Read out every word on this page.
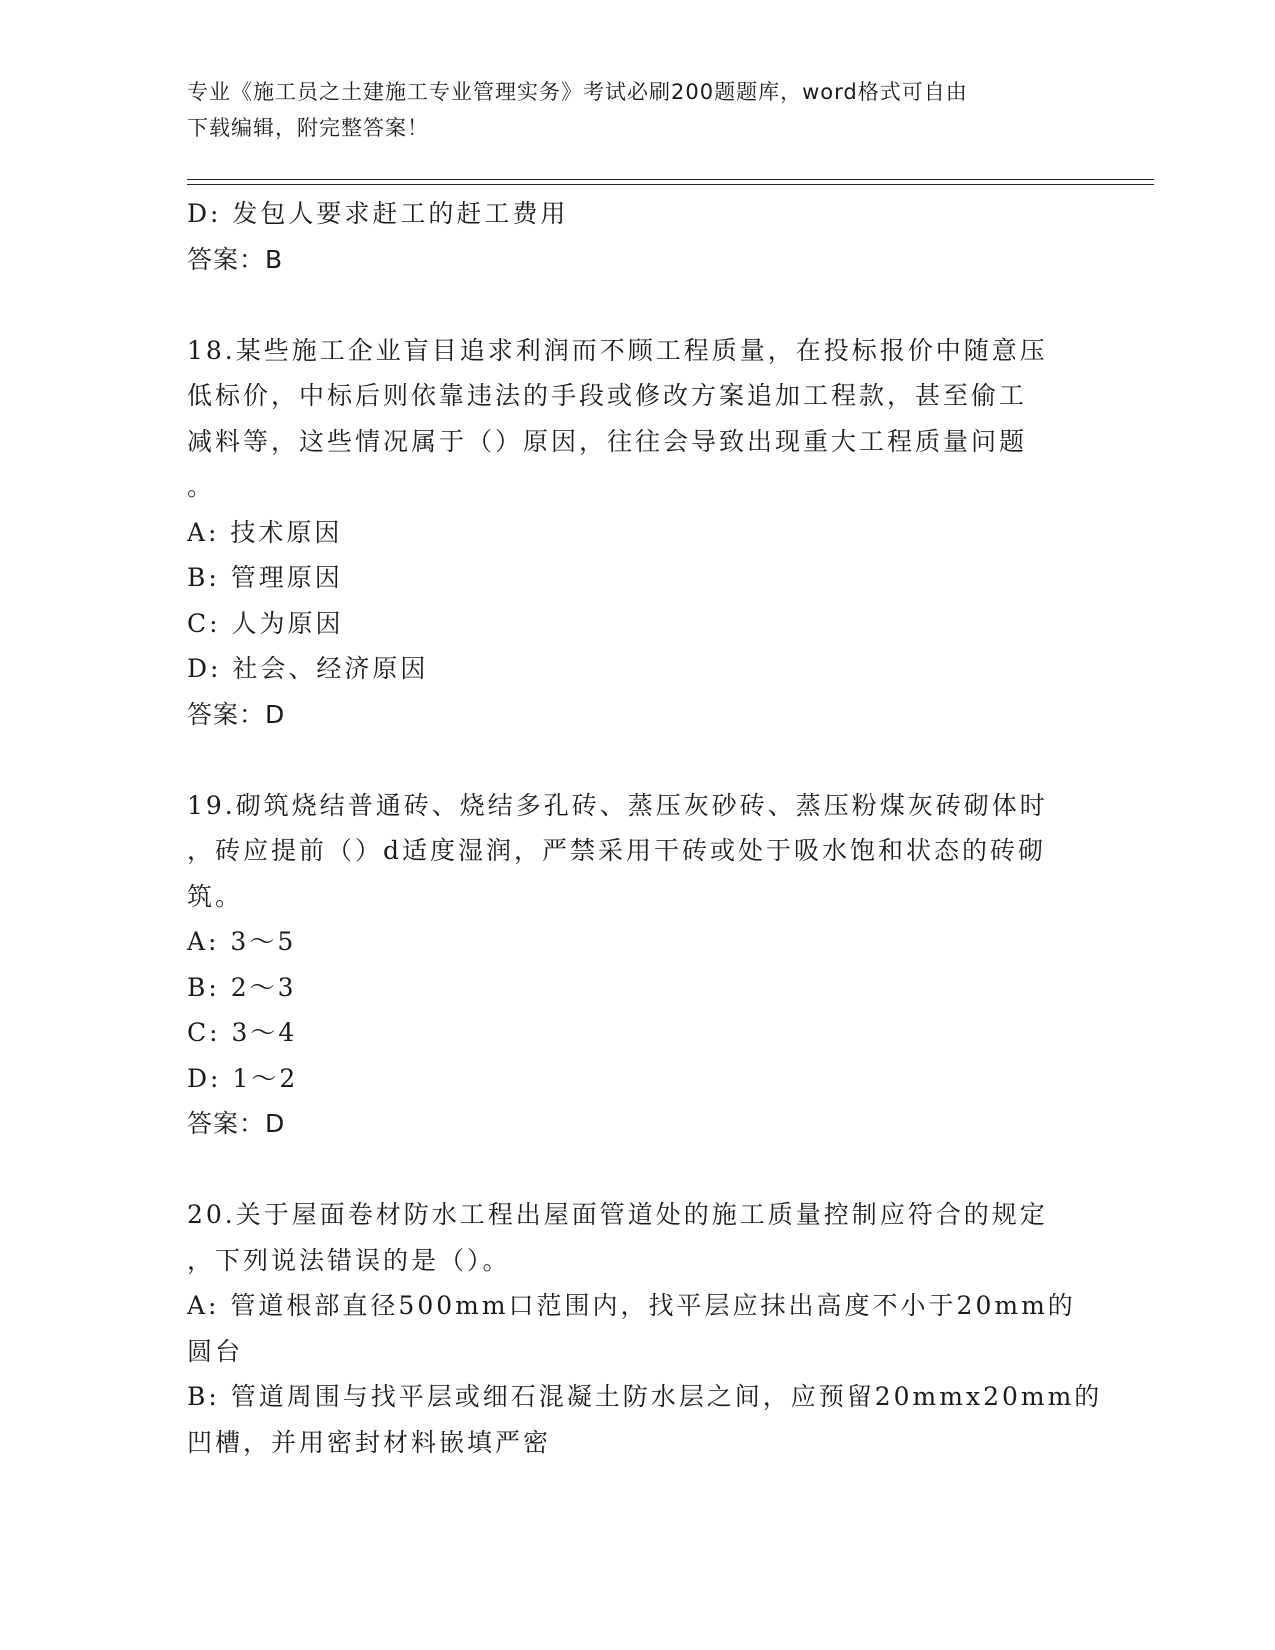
专业《施工员之土建施工专业管理实务》考试必刷200题题库，word格式可自由
下载编辑，附完整答案！
D: 发包人要求赶工的赶工费用
答案：B
18.某些施工企业盲目追求利润而不顾工程质量，在投标报价中随意压
低标价，中标后则依靠违法的手段或修改方案追加工程款，甚至偷工
减料等，这些情况属于（）原因，往往会导致出现重大工程质量问题
。
A: 技术原因
B: 管理原因
C: 人为原因
D: 社会、经济原因
答案：D
19.砌筑烧结普通砖、烧结多孔砖、蒸压灰砂砖、蒸压粉煤灰砖砌体时
，砖应提前（）d适度湿润，严禁采用干砖或处于吸水饱和状态的砖砌
筑。
A: 3～5
B: 2～3
C: 3～4
D: 1～2
答案：D
20.关于屋面卷材防水工程出屋面管道处的施工质量控制应符合的规定
，下列说法错误的是（）。
A: 管道根部直径500mm口范围内，找平层应抹出高度不小于20mm的
圆台
B: 管道周围与找平层或细石混凝土防水层之间，应预留20mmx20mm的
凹槽，并用密封材料嵌填严密
